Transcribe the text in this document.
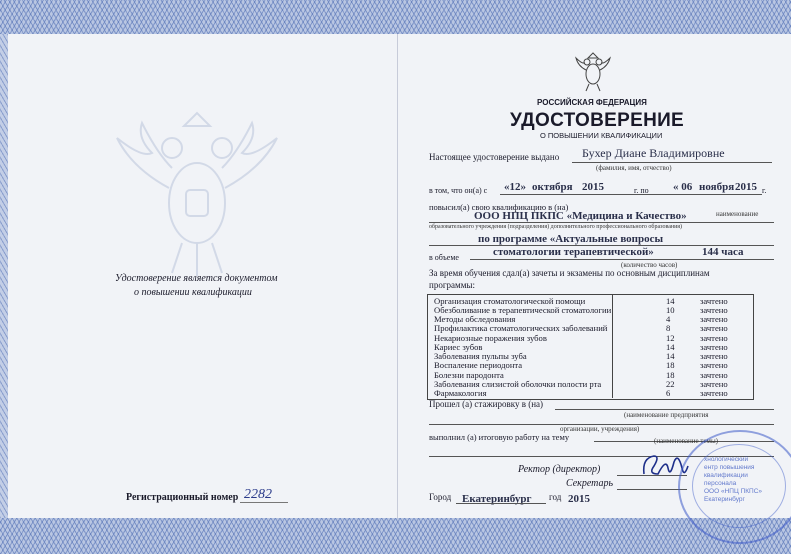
Удостоверение является документом
о повышении квалификации
Регистрационный номер 2282
РОССИЙСКАЯ ФЕДЕРАЦИЯ
УДОСТОВЕРЕНИЕ
О ПОВЫШЕНИИ КВАЛИФИКАЦИИ
Настоящее удостоверение выдано Бухер Диане Владимировне
(фамилия, имя, отчество)
в том, что он(а) с «12» октября 2015	г. по « 06 ноября 2015 г.
повысил(а) свою квалификацию в (на)
ООО НПЦ ПКПС «Медицина и Качество»	наименование
образовательного учреждения (подразделения) дополнительного профессионального образования)
по программе «Актуальные вопросы
стоматологии терапевтической»	144 часа
в объеме
(количество часов)
За время обучения сдал(а) зачеты и экзамены по основным дисциплинам
программы:
Организация стоматологической помощи	14	зачтено
Обезболивание в терапевтической стоматологии	10	зачтено
Методы обследования	4	зачтено
Профилактика стоматологических заболеваний	8	зачтено
Некариозные поражения зубов	12	зачтено
Кариес зубов	14	зачтено
Заболевания пульпы зуба	14	зачтено
Воспаление периодонта	18	зачтено
Болезни пародонта	18	зачтено
Заболевания слизистой оболочки полости рта	22	зачтено
Фармакология	6	зачтено
Прошел (а) стажировку в (на)
(наименование предприятия
организации, учреждения)
выполнил (а) итоговую работу на тему	(наименование темы)
Ректор (директор)
Секретарь
Город Екатеринбург год 2015
хнологический
ентр повышения
квалификации
персонала
ООО «НПЦ ПКПС»
Екатеринбург
